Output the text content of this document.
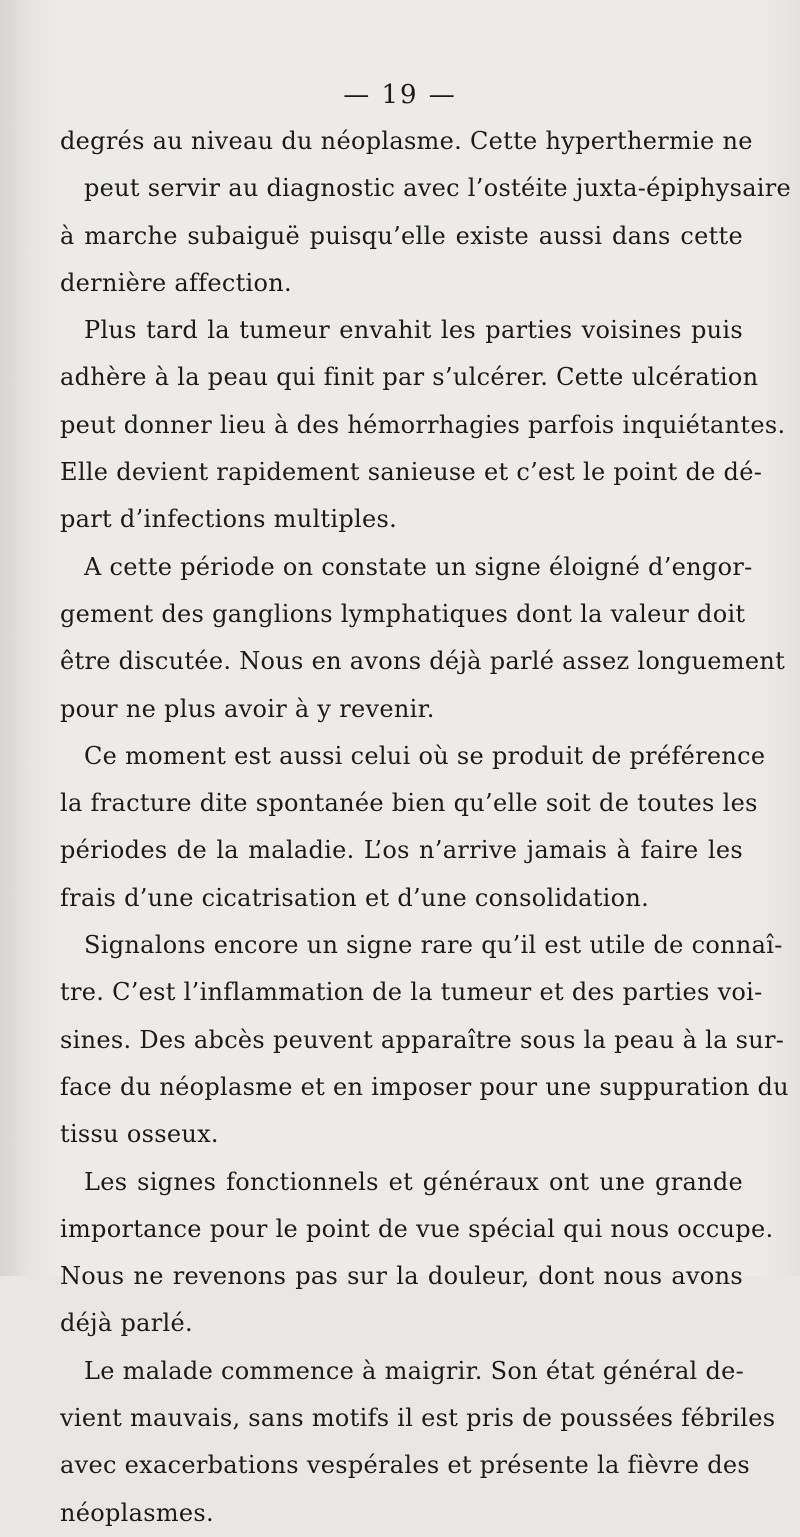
— 19 —
degrés au niveau du néoplasme. Cette hyperthermie ne
peut servir au diagnostic avec l’ostéite juxta-épiphysaire
à marche subaiguë puisqu’elle existe aussi dans cette
dernière affection.
Plus tard la tumeur envahit les parties voisines puis
adhère à la peau qui finit par s’ulcérer. Cette ulcération
peut donner lieu à des hémorrhagies parfois inquiétantes.
Elle devient rapidement sanieuse et c’est le point de dé-
part d’infections multiples.
A cette période on constate un signe éloigné d’engor-
gement des ganglions lymphatiques dont la valeur doit
être discutée. Nous en avons déjà parlé assez longuement
pour ne plus avoir à y revenir.
Ce moment est aussi celui où se produit de préférence
la fracture dite spontanée bien qu’elle soit de toutes les
périodes de la maladie. L’os n’arrive jamais à faire les
frais d’une cicatrisation et d’une consolidation.
Signalons encore un signe rare qu’il est utile de connaî-
tre. C’est l’inflammation de la tumeur et des parties voi-
sines. Des abcès peuvent apparaître sous la peau à la sur-
face du néoplasme et en imposer pour une suppuration du
tissu osseux.
Les signes fonctionnels et généraux ont une grande
importance pour le point de vue spécial qui nous occupe.
Nous ne revenons pas sur la douleur, dont nous avons
déjà parlé.
Le malade commence à maigrir. Son état général de-
vient mauvais, sans motifs il est pris de poussées fébriles
avec exacerbations vespérales et présente la fièvre des
néoplasmes.
